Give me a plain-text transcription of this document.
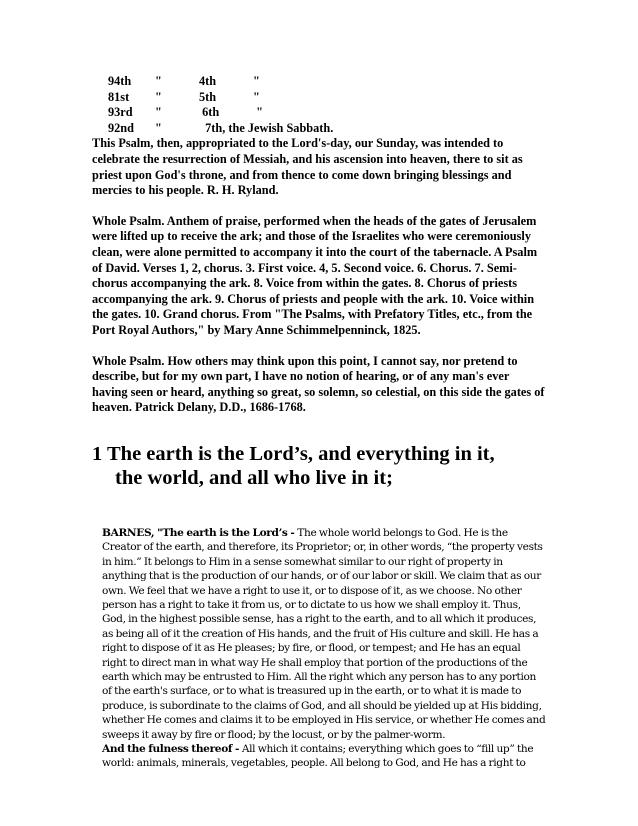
94th	"	4th	"
81st	"	5th	"
93rd	"	6th	"
92nd	"	7th, the Jewish Sabbath.

This Psalm, then, appropriated to the Lord's-day, our Sunday, was intended to celebrate the resurrection of Messiah, and his ascension into heaven, there to sit as priest upon God's throne, and from thence to come down bringing blessings and mercies to his people. R. H. Ryland.

Whole Psalm. Anthem of praise, performed when the heads of the gates of Jerusalem were lifted up to receive the ark; and those of the Israelites who were ceremoniously clean, were alone permitted to accompany it into the court of the tabernacle. A Psalm of David. Verses 1, 2, chorus. 3. First voice. 4, 5. Second voice. 6. Chorus. 7. Semi-chorus accompanying the ark. 8. Voice from within the gates. 8. Chorus of priests accompanying the ark. 9. Chorus of priests and people with the ark. 10. Voice within the gates. 10. Grand chorus. From "The Psalms, with Prefatory Titles, etc., from the Port Royal Authors," by Mary Anne Schimmelpenninck, 1825.

Whole Psalm. How others may think upon this point, I cannot say, nor pretend to describe, but for my own part, I have no notion of hearing, or of any man's ever having seen or heard, anything so great, so solemn, so celestial, on this side the gates of heaven. Patrick Delany, D.D., 1686-1768.

1 The earth is the Lord’s, and everything in it,
the world, and all who live in it;

BARNES, "The earth is the Lord’s - The whole world belongs to God. He is the Creator of the earth, and therefore, its Proprietor; or, in other words, “the property vests in him.” It belongs to Him in a sense somewhat similar to our right of property in anything that is the production of our hands, or of our labor or skill. We claim that as our own. We feel that we have a right to use it, or to dispose of it, as we choose. No other person has a right to take it from us, or to dictate to us how we shall employ it. Thus, God, in the highest possible sense, has a right to the earth, and to all which it produces, as being all of it the creation of His hands, and the fruit of His culture and skill. He has a right to dispose of it as He pleases; by fire, or flood, or tempest; and He has an equal right to direct man in what way He shall employ that portion of the productions of the earth which may be entrusted to Him. All the right which any person has to any portion of the earth's surface, or to what is treasured up in the earth, or to what it is made to produce, is subordinate to the claims of God, and all should be yielded up at His bidding, whether He comes and claims it to be employed in His service, or whether He comes and sweeps it away by fire or flood; by the locust, or by the palmer-worm.

And the fulness thereof - All which it contains; everything which goes to “fill up” the world: animals, minerals, vegetables, people. All belong to God, and He has a right to
